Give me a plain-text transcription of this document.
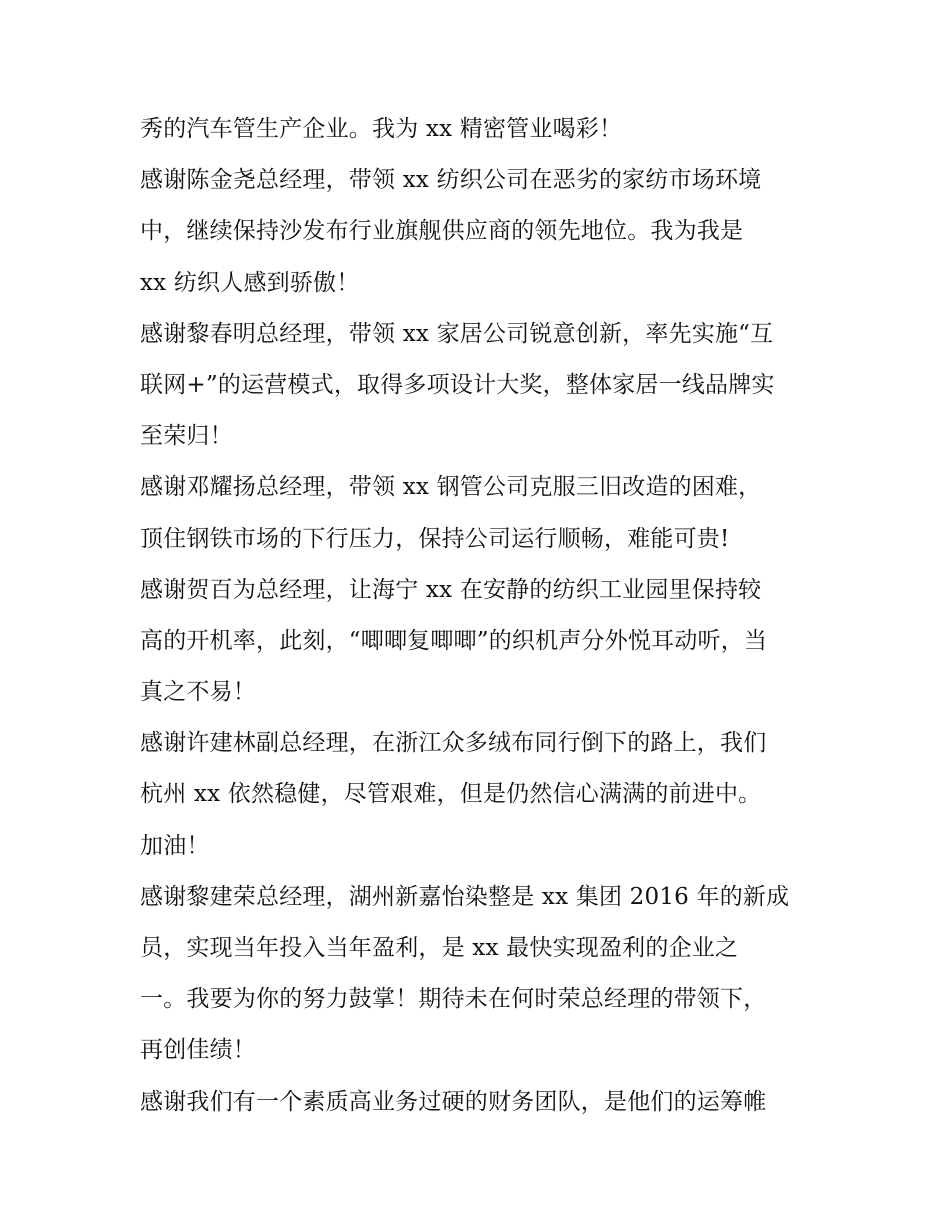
秀的汽车管生产企业。我为 xx 精密管业喝彩！
感谢陈金尧总经理，带领 xx 纺织公司在恶劣的家纺市场环境
中，继续保持沙发布行业旗舰供应商的领先地位。我为我是
xx 纺织人感到骄傲！
感谢黎春明总经理，带领 xx 家居公司锐意创新，率先实施“互
联网+”的运营模式，取得多项设计大奖，整体家居一线品牌实
至荣归！
感谢邓耀扬总经理，带领 xx 钢管公司克服三旧改造的困难，
顶住钢铁市场的下行压力，保持公司运行顺畅，难能可贵!
感谢贺百为总经理，让海宁 xx 在安静的纺织工业园里保持较
高的开机率，此刻，“唧唧复唧唧”的织机声分外悦耳动听，当
真之不易！
感谢许建林副总经理，在浙江众多绒布同行倒下的路上，我们
杭州 xx 依然稳健，尽管艰难，但是仍然信心满满的前进中。
加油！
感谢黎建荣总经理，湖州新嘉怡染整是 xx 集团 2016 年的新成
员，实现当年投入当年盈利，是 xx 最快实现盈利的企业之
一。我要为你的努力鼓掌！期待未在何时荣总经理的带领下，
再创佳绩！
感谢我们有一个素质高业务过硬的财务团队，是他们的运筹帷
